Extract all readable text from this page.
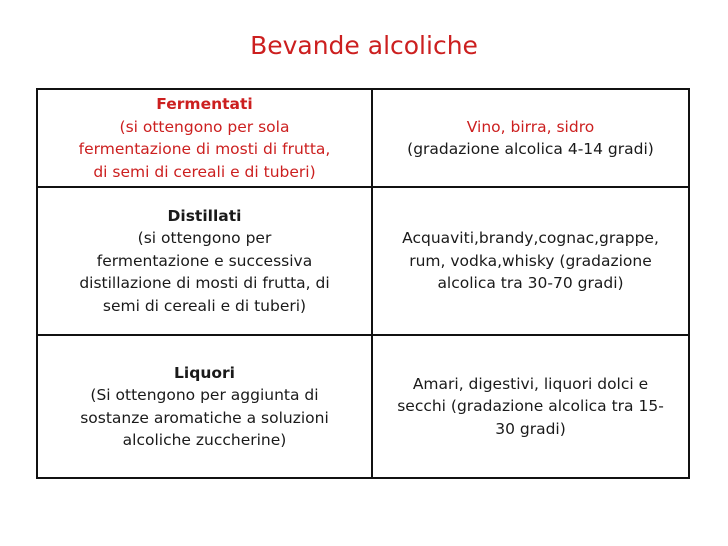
Bevande alcoliche
Fermentati
(si ottengono per sola
fermentazione di mosti di frutta,
di semi di cereali e di tuberi)	Vino, birra, sidro
(gradazione alcolica 4-14 gradi)

Distillati
(si ottengono per
fermentazione e successiva
distillazione di mosti di frutta, di
semi di cereali e di tuberi)	Acquaviti,brandy,cognac,grappe,
rum, vodka,whisky (gradazione
alcolica tra 30-70 gradi)

Liquori
(Si ottengono per aggiunta di
sostanze aromatiche a soluzioni
alcoliche zuccherine)	Amari, digestivi, liquori dolci e
secchi (gradazione alcolica tra 15-
30 gradi)
